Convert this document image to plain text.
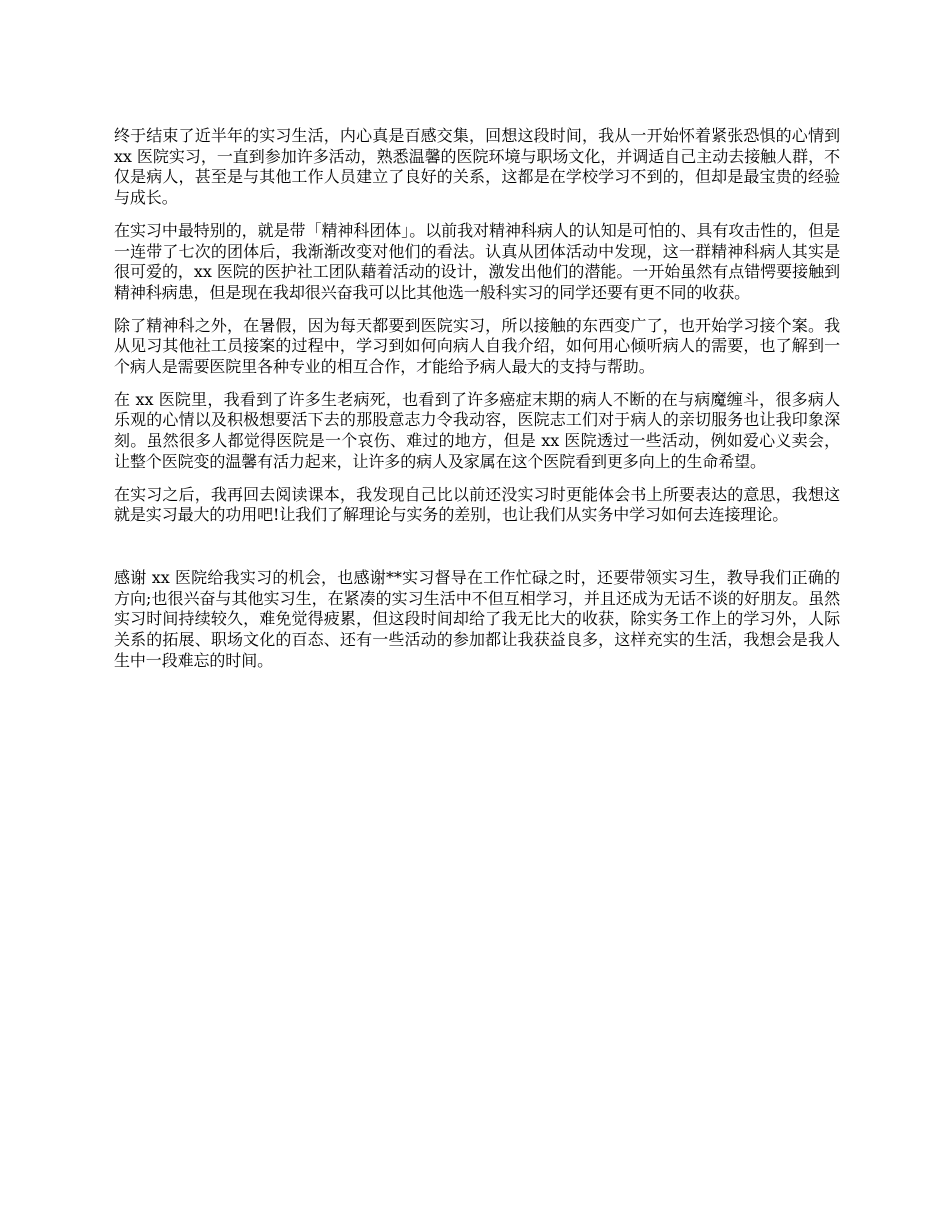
终于结束了近半年的实习生活，内心真是百感交集，回想这段时间，我从一开始怀着紧张恐惧的心情到 xx 医院实习，一直到参加许多活动，熟悉温馨的医院环境与职场文化，并调适自己主动去接触人群，不仅是病人，甚至是与其他工作人员建立了良好的关系，这都是在学校学习不到的，但却是最宝贵的经验与成长。

在实习中最特别的，就是带「精神科团体」。以前我对精神科病人的认知是可怕的、具有攻击性的，但是一连带了七次的团体后，我渐渐改变对他们的看法。认真从团体活动中发现，这一群精神科病人其实是很可爱的，xx 医院的医护社工团队藉着活动的设计，激发出他们的潜能。一开始虽然有点错愕要接触到精神科病患，但是现在我却很兴奋我可以比其他选一般科实习的同学还要有更不同的收获。

除了精神科之外，在暑假，因为每天都要到医院实习，所以接触的东西变广了，也开始学习接个案。我从见习其他社工员接案的过程中，学习到如何向病人自我介绍，如何用心倾听病人的需要，也了解到一个病人是需要医院里各种专业的相互合作，才能给予病人最大的支持与帮助。

在 xx 医院里，我看到了许多生老病死，也看到了许多癌症末期的病人不断的在与病魔缠斗，很多病人乐观的心情以及积极想要活下去的那股意志力令我动容，医院志工们对于病人的亲切服务也让我印象深刻。虽然很多人都觉得医院是一个哀伤、难过的地方，但是 xx 医院透过一些活动，例如爱心义卖会，让整个医院变的温馨有活力起来，让许多的病人及家属在这个医院看到更多向上的生命希望。

在实习之后，我再回去阅读课本，我发现自己比以前还没实习时更能体会书上所要表达的意思，我想这就是实习最大的功用吧!让我们了解理论与实务的差别，也让我们从实务中学习如何去连接理论。

感谢 xx 医院给我实习的机会，也感谢**实习督导在工作忙碌之时，还要带领实习生，教导我们正确的方向;也很兴奋与其他实习生，在紧凑的实习生活中不但互相学习，并且还成为无话不谈的好朋友。虽然实习时间持续较久，难免觉得疲累，但这段时间却给了我无比大的收获，除实务工作上的学习外，人际关系的拓展、职场文化的百态、还有一些活动的参加都让我获益良多，这样充实的生活，我想会是我人生中一段难忘的时间。
